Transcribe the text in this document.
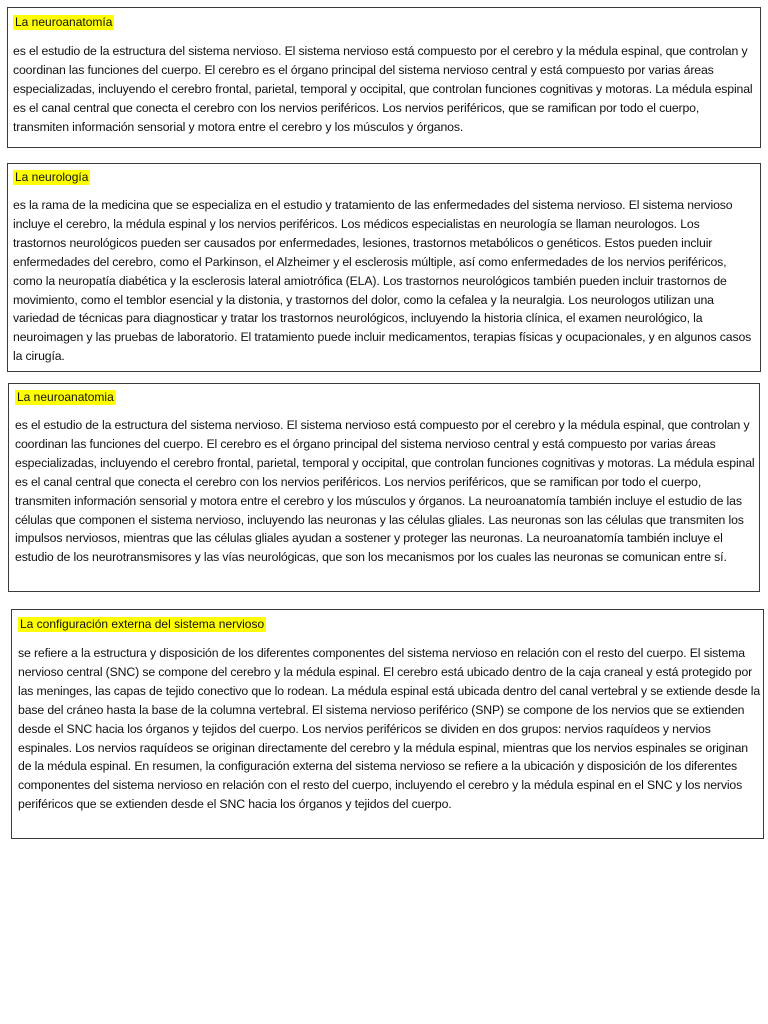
La neuroanatomía

es el estudio de la estructura del sistema nervioso. El sistema nervioso está compuesto por el cerebro y la médula espinal, que controlan y coordinan las funciones del cuerpo. El cerebro es el órgano principal del sistema nervioso central y está compuesto por varias áreas especializadas, incluyendo el cerebro frontal, parietal, temporal y occipital, que controlan funciones cognitivas y motoras. La médula espinal es el canal central que conecta el cerebro con los nervios periféricos. Los nervios periféricos, que se ramifican por todo el cuerpo, transmiten información sensorial y motora entre el cerebro y los músculos y órganos.

La neurología

es la rama de la medicina que se especializa en el estudio y tratamiento de las enfermedades del sistema nervioso. El sistema nervioso incluye el cerebro, la médula espinal y los nervios periféricos. Los médicos especialistas en neurología se llaman neurologos. Los trastornos neurológicos pueden ser causados por enfermedades, lesiones, trastornos metabólicos o genéticos. Estos pueden incluir enfermedades del cerebro, como el Parkinson, el Alzheimer y el esclerosis múltiple, así como enfermedades de los nervios periféricos, como la neuropatía diabética y la esclerosis lateral amiotrófica (ELA). Los trastornos neurológicos también pueden incluir trastornos de movimiento, como el temblor esencial y la distonia, y trastornos del dolor, como la cefalea y la neuralgia. Los neurologos utilizan una variedad de técnicas para diagnosticar y tratar los trastornos neurológicos, incluyendo la historia clínica, el examen neurológico, la neuroimagen y las pruebas de laboratorio. El tratamiento puede incluir medicamentos, terapias físicas y ocupacionales, y en algunos casos la cirugía.

La neuroanatomia

es el estudio de la estructura del sistema nervioso. El sistema nervioso está compuesto por el cerebro y la médula espinal, que controlan y coordinan las funciones del cuerpo. El cerebro es el órgano principal del sistema nervioso central y está compuesto por varias áreas especializadas, incluyendo el cerebro frontal, parietal, temporal y occipital, que controlan funciones cognitivas y motoras. La médula espinal es el canal central que conecta el cerebro con los nervios periféricos. Los nervios periféricos, que se ramifican por todo el cuerpo, transmiten información sensorial y motora entre el cerebro y los músculos y órganos. La neuroanatomía también incluye el estudio de las células que componen el sistema nervioso, incluyendo las neuronas y las células gliales. Las neuronas son las células que transmiten los impulsos nerviosos, mientras que las células gliales ayudan a sostener y proteger las neuronas. La neuroanatomía también incluye el estudio de los neurotransmisores y las vías neurológicas, que son los mecanismos por los cuales las neuronas se comunican entre sí.

La configuración externa del sistema nervioso

se refiere a la estructura y disposición de los diferentes componentes del sistema nervioso en relación con el resto del cuerpo. El sistema nervioso central (SNC) se compone del cerebro y la médula espinal. El cerebro está ubicado dentro de la caja craneal y está protegido por las meninges, las capas de tejido conectivo que lo rodean. La médula espinal está ubicada dentro del canal vertebral y se extiende desde la base del cráneo hasta la base de la columna vertebral. El sistema nervioso periférico (SNP) se compone de los nervios que se extienden desde el SNC hacia los órganos y tejidos del cuerpo. Los nervios periféricos se dividen en dos grupos: nervios raquídeos y nervios espinales. Los nervios raquídeos se originan directamente del cerebro y la médula espinal, mientras que los nervios espinales se originan de la médula espinal. En resumen, la configuración externa del sistema nervioso se refiere a la ubicación y disposición de los diferentes componentes del sistema nervioso en relación con el resto del cuerpo, incluyendo el cerebro y la médula espinal en el SNC y los nervios periféricos que se extienden desde el SNC hacia los órganos y tejidos del cuerpo.
